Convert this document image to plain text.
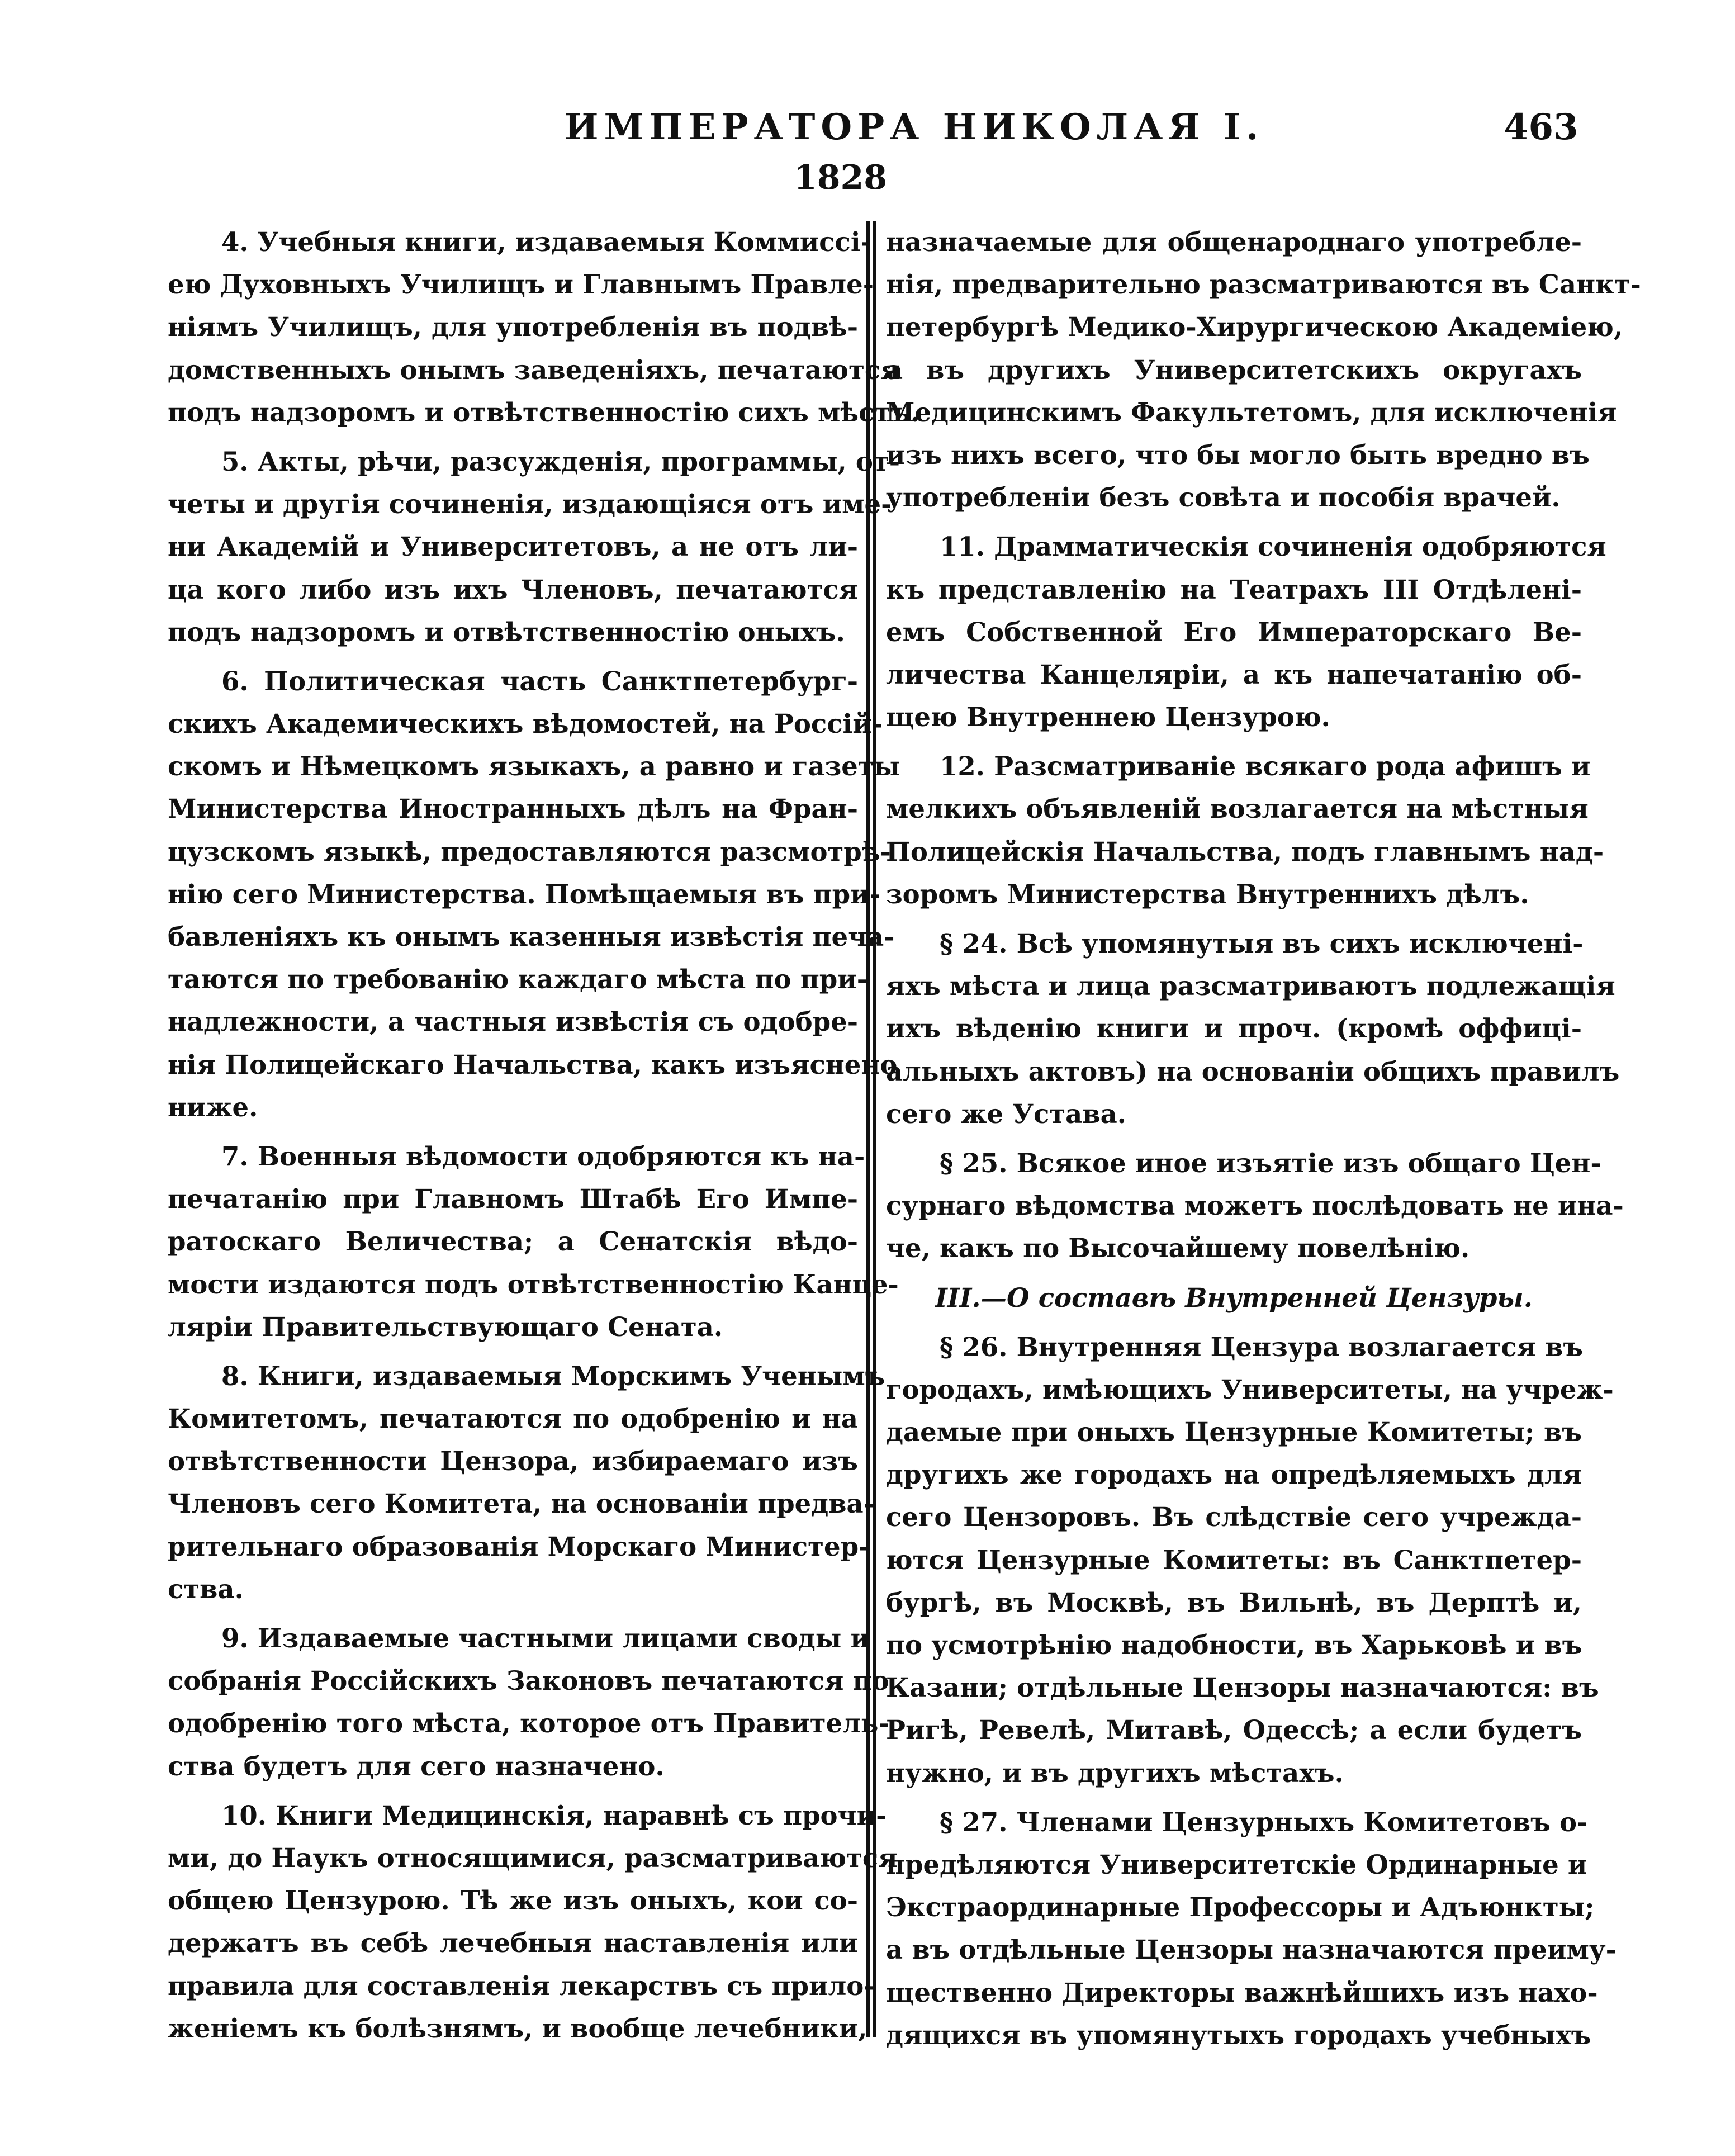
ИМПЕРАТОРА НИКОЛАЯ I.	463
1828
4. Учебныя книги, издаваемыя Коммиссі-
ею Духовныхъ Училищъ и Главнымъ Правле-
ніямъ Училищъ, для употребленія въ подвѣ-
домственныхъ онымъ заведеніяхъ, печатаются
подъ надзоромъ и отвѣтственностію сихъ мѣстъ.
5. Акты, рѣчи, разсужденія, программы, от-
четы и другія сочиненія, издающіяся отъ име-
ни Академій и Университетовъ, а не отъ ли-
ца кого либо изъ ихъ Членовъ, печатаются
подъ надзоромъ и отвѣтственностію оныхъ.
6. Политическая часть Санктпетербург-
скихъ Академическихъ вѣдомостей, на Россій-
скомъ и Нѣмецкомъ языкахъ, а равно и газеты
Министерства Иностранныхъ дѣлъ на Фран-
цузскомъ языкѣ, предоставляются разсмотрѣ-
нію сего Министерства. Помѣщаемыя въ при-
бавленіяхъ къ онымъ казенныя извѣстія печа-
таются по требованію каждаго мѣста по при-
надлежности, а частныя извѣстія съ одобре-
нія Полицейскаго Начальства, какъ изъяснено
ниже.
7. Военныя вѣдомости одобряются къ на-
печатанію при Главномъ Штабѣ Его Импе-
ратоскаго Величества; а Сенатскія вѣдо-
мости издаются подъ отвѣтственностію Канце-
ляріи Правительствующаго Сената.
8. Книги, издаваемыя Морскимъ Ученымъ
Комитетомъ, печатаются по одобренію и на
отвѣтственности Цензора, избираемаго изъ
Членовъ сего Комитета, на основаніи предва-
рительнаго образованія Морскаго Министер-
ства.
9. Издаваемые частными лицами своды и
собранія Россійскихъ Законовъ печатаются по
одобренію того мѣста, которое отъ Правитель-
ства будетъ для сего назначено.
10. Книги Медицинскія, наравнѣ съ прочи-
ми, до Наукъ относящимися, разсматриваются
общею Цензурою. Тѣ же изъ оныхъ, кои со-
держатъ въ себѣ лечебныя наставленія или
правила для составленія лекарствъ съ прило-
женіемъ къ болѣзнямъ, и вообще лечебники,
назначаемые для общенароднаго употребле-
нія, предварительно разсматриваются въ Санкт-
петербургѣ Медико-Хирургическою Академіею,
а въ другихъ Университетскихъ округахъ
Медицинскимъ Факультетомъ, для исключенія
изъ нихъ всего, что бы могло быть вредно въ
употребленіи безъ совѣта и пособія врачей.
11. Драмматическія сочиненія одобряются
къ представленію на Театрахъ III Отдѣлені-
емъ Собственной Его Императорскаго Ве-
личества Канцеляріи, а къ напечатанію об-
щею Внутреннею Цензурою.
12. Разсматриваніе всякаго рода афишъ и
мелкихъ объявленій возлагается на мѣстныя
Полицейскія Начальства, подъ главнымъ над-
зоромъ Министерства Внутреннихъ дѣлъ.
§ 24. Всѣ упомянутыя въ сихъ исключені-
яхъ мѣста и лица разсматриваютъ подлежащія
ихъ вѣденію книги и проч. (кромѣ оффиці-
альныхъ актовъ) на основаніи общихъ правилъ
сего же Устава.
§ 25. Всякое иное изъятіе изъ общаго Цен-
сурнаго вѣдомства можетъ послѣдовать не ина-
че, какъ по Высочайшему повелѣнію.
III.—О составѣ Внутренней Цензуры.
§ 26. Внутренняя Цензура возлагается въ
городахъ, имѣющихъ Университеты, на учреж-
даемые при оныхъ Цензурные Комитеты; въ
другихъ же городахъ на опредѣляемыхъ для
сего Цензоровъ. Въ слѣдствіе сего учрежда-
ются Цензурные Комитеты: въ Санктпетер-
бургѣ, въ Москвѣ, въ Вильнѣ, въ Дерптѣ и,
по усмотрѣнію надобности, въ Харьковѣ и въ
Казани; отдѣльные Цензоры назначаются: въ
Ригѣ, Ревелѣ, Митавѣ, Одессѣ; а если будетъ
нужно, и въ другихъ мѣстахъ.
§ 27. Членами Цензурныхъ Комитетовъ о-
предѣляются Университетскіе Ординарные и
Экстраординарные Профессоры и Адъюнкты;
а въ отдѣльные Цензоры назначаются преиму-
щественно Директоры важнѣйшихъ изъ нахо-
дящихся въ упомянутыхъ городахъ учебныхъ
